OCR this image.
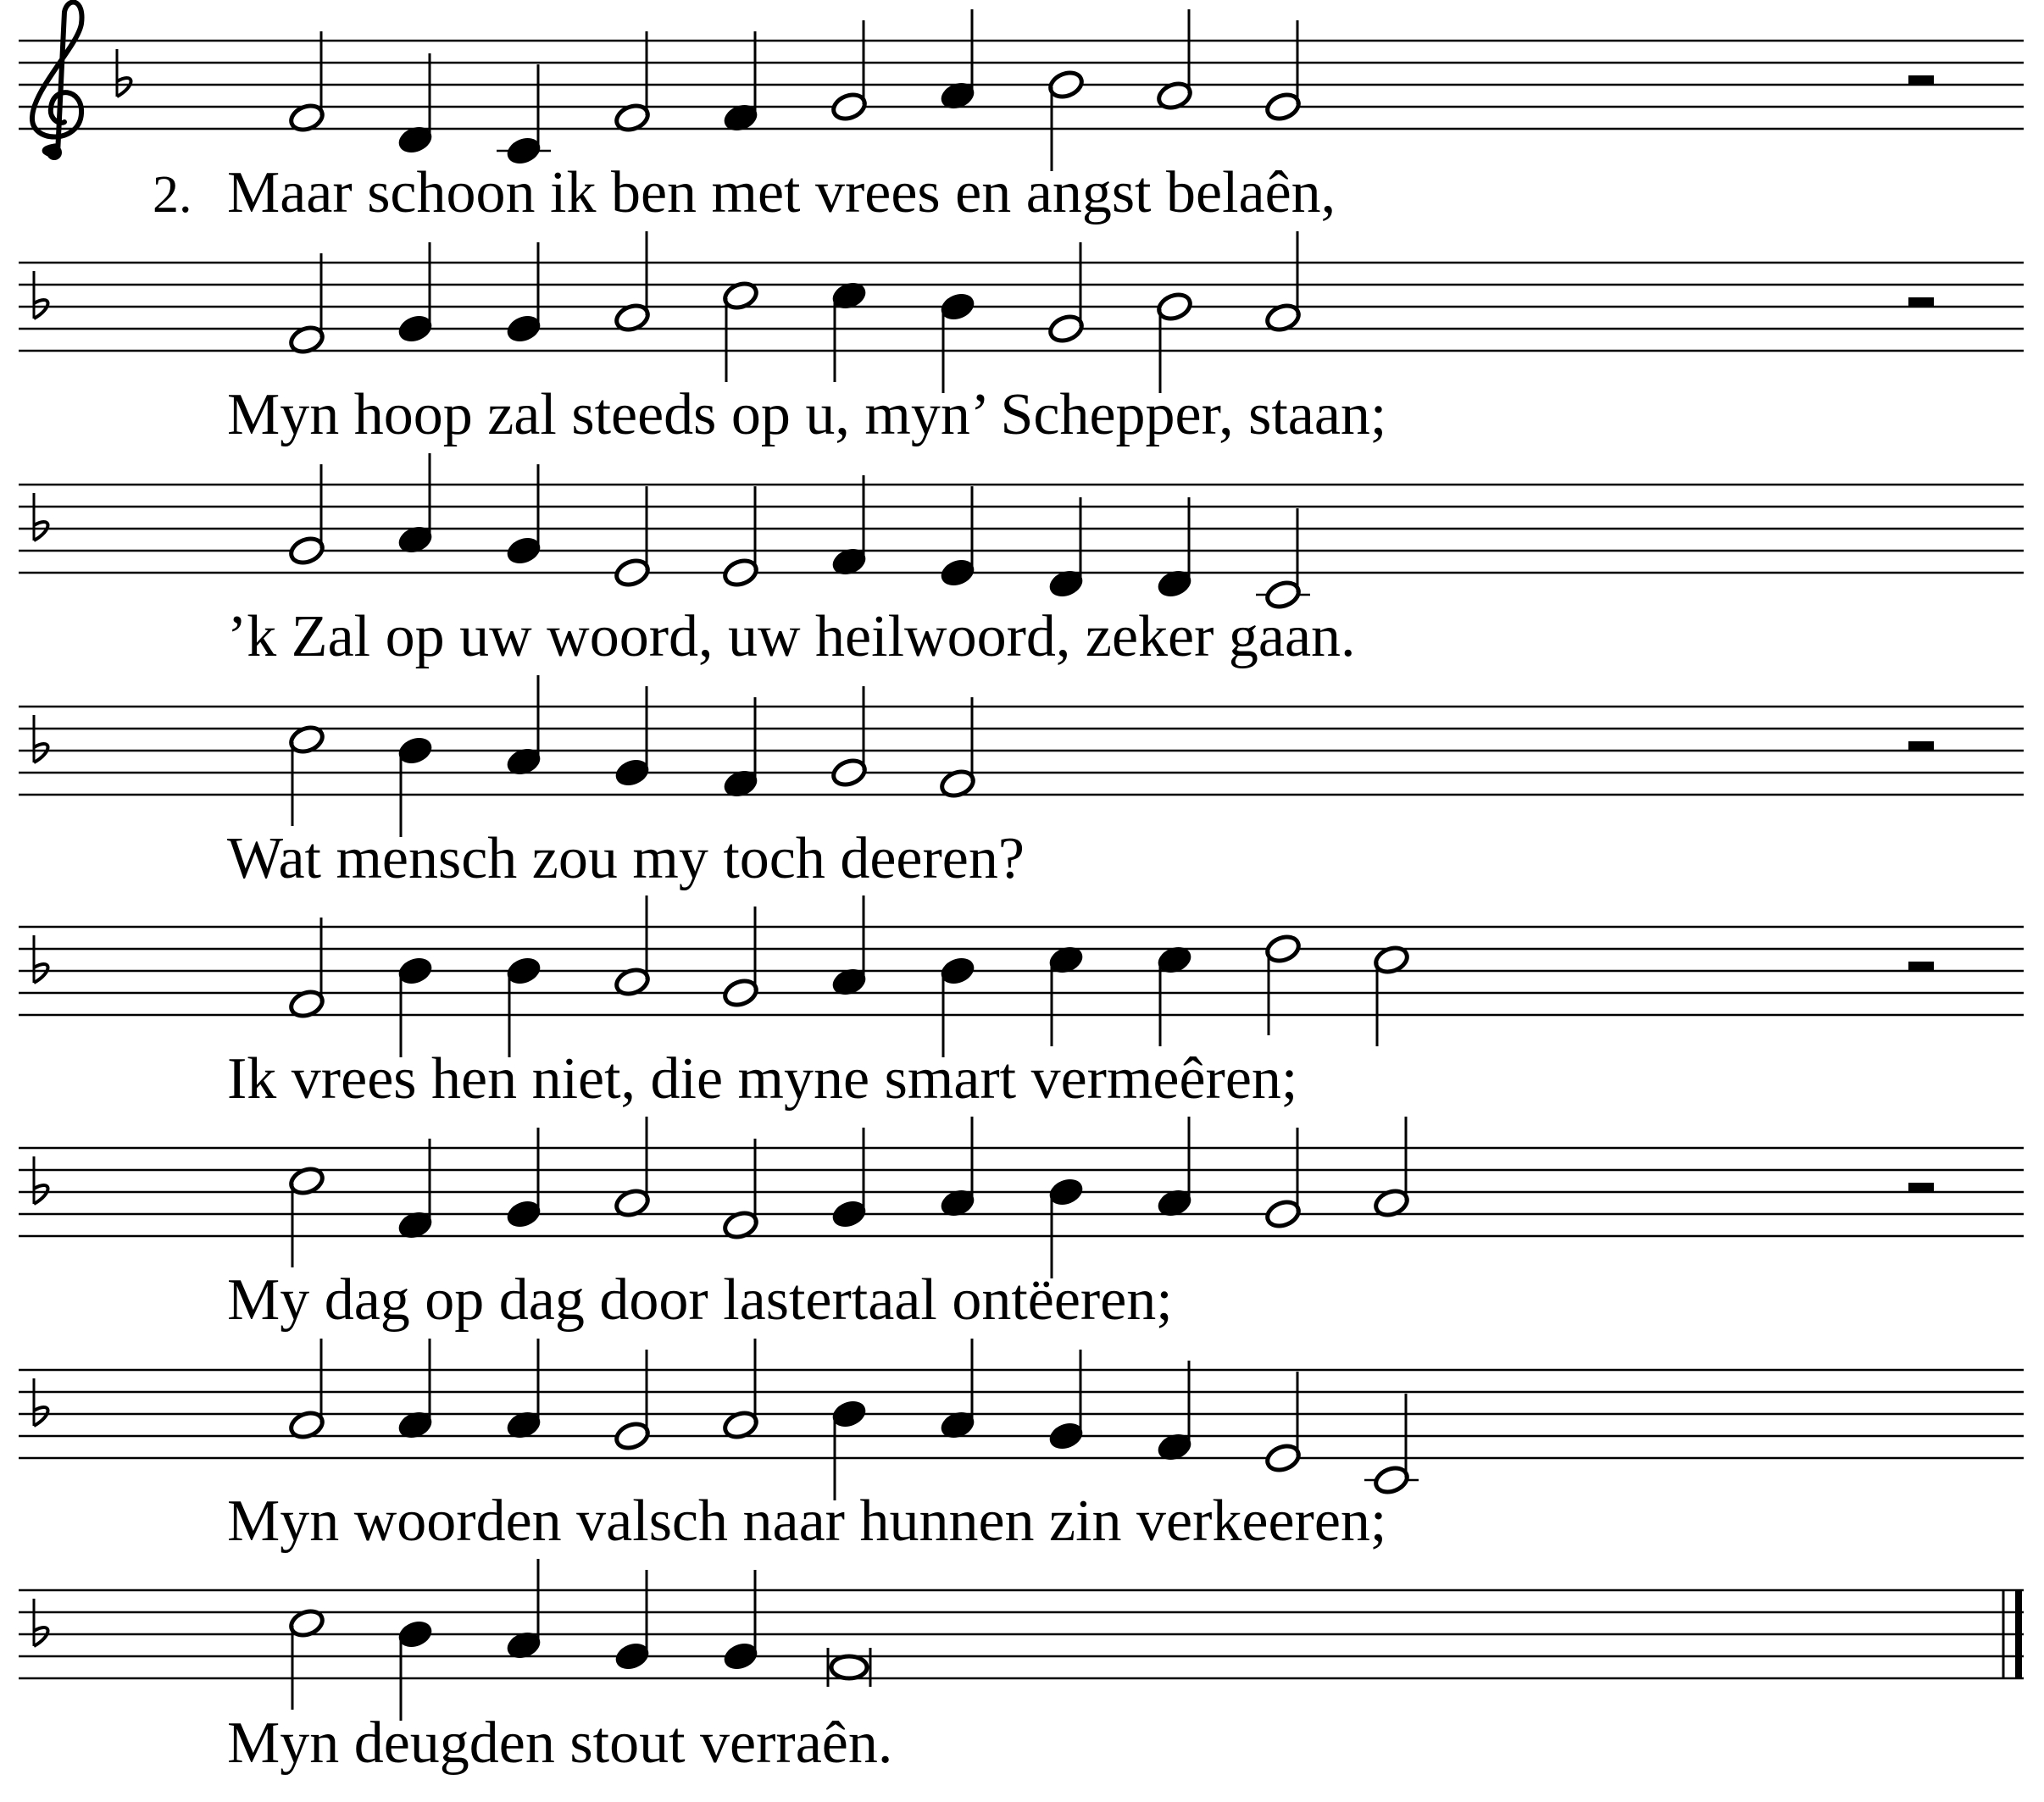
2. Maar schoon ik ben met vrees en angst belaên,
Myn hoop zal steeds op u, myn’ Schepper, staan;
’k Zal op uw woord, uw heilwoord, zeker gaan.
Wat mensch zou my toch deeren?
Ik vrees hen niet, die myne smart vermeêren;
My dag op dag door lastertaal ontëeren;
Myn woorden valsch naar hunnen zin verkeeren;
Myn deugden stout verraên.
